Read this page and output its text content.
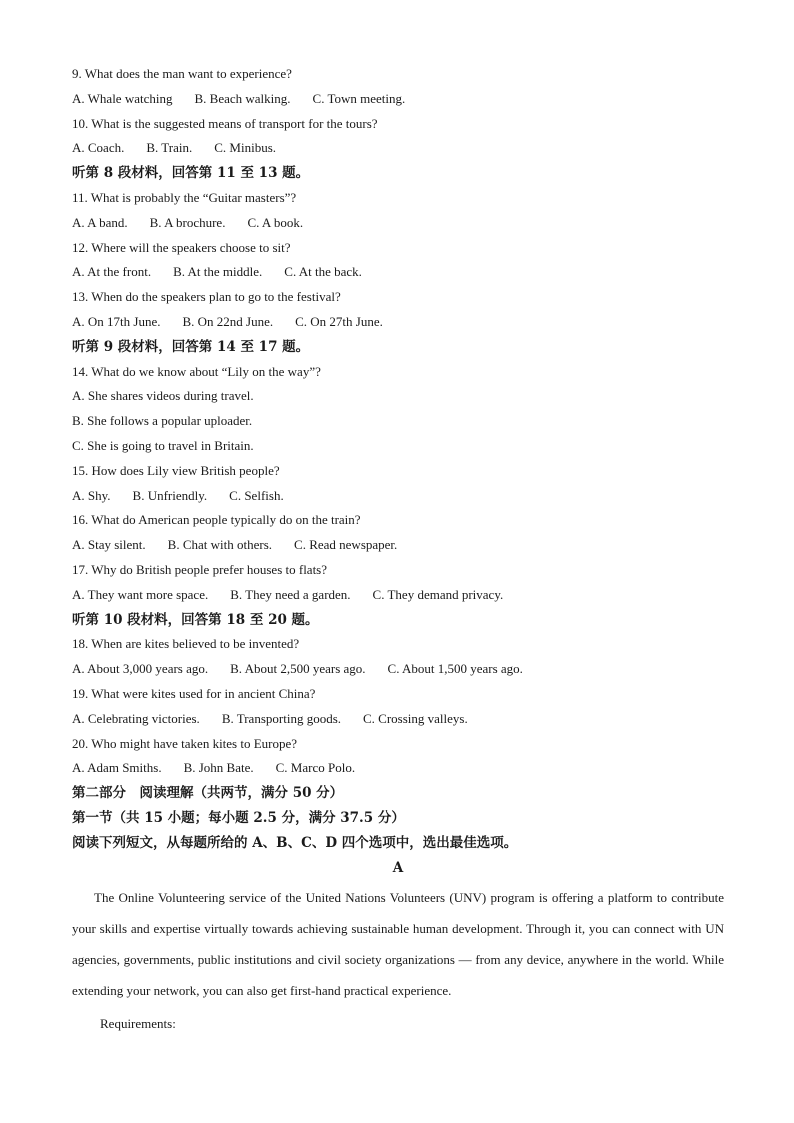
9. What does the man want to experience?
A. Whale watching B. Beach walking. C. Town meeting.
10. What is the suggested means of transport for the tours?
A. Coach. B. Train. C. Minibus.
听第 8 段材料，回答第 11 至 13 题。
11. What is probably the “Guitar masters”?
A. A band. B. A brochure. C. A book.
12. Where will the speakers choose to sit?
A. At the front. B. At the middle. C. At the back.
13. When do the speakers plan to go to the festival?
A. On 17th June. B. On 22nd June. C. On 27th June.
听第 9 段材料，回答第 14 至 17 题。
14. What do we know about “Lily on the way”?
A. She shares videos during travel.
B. She follows a popular uploader.
C. She is going to travel in Britain.
15. How does Lily view British people?
A. Shy. B. Unfriendly. C. Selfish.
16. What do American people typically do on the train?
A. Stay silent. B. Chat with others. C. Read newspaper.
17. Why do British people prefer houses to flats?
A. They want more space. B. They need a garden. C. They demand privacy.
听第 10 段材料，回答第 18 至 20 题。
18. When are kites believed to be invented?
A. About 3,000 years ago. B. About 2,500 years ago. C. About 1,500 years ago.
19. What were kites used for in ancient China?
A. Celebrating victories. B. Transporting goods. C. Crossing valleys.
20. Who might have taken kites to Europe?
A. Adam Smiths. B. John Bate. C. Marco Polo.
第二部分　阅读理解（共两节，满分 50 分）
第一节（共 15 小题；每小题 2.5 分，满分 37.5 分）
阅读下列短文，从每题所给的 A、B、C、D 四个选项中，选出最佳选项。
A
The Online Volunteering service of the United Nations Volunteers (UNV) program is offering a platform to contribute your skills and expertise virtually towards achieving sustainable human development. Through it, you can connect with UN agencies, governments, public institutions and civil society organizations — from any device, anywhere in the world. While extending your network, you can also get first-hand practical experience.
Requirements:
